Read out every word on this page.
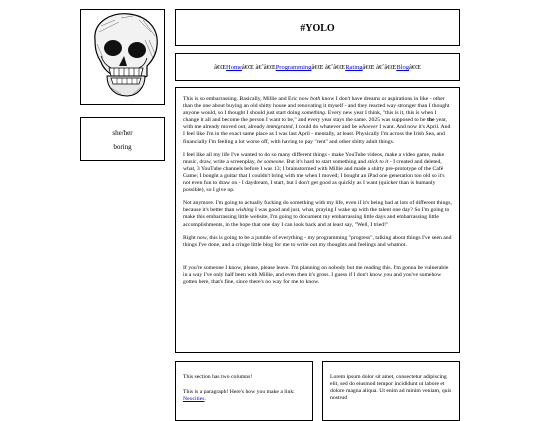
she/her
boring
#YOLO
â€ŒHomeâ€Œ ã€ˆâ€ŒProgrammingâ€Œ ã€ˆâ€ŒRatingâ€Œ ã€ˆâ€ŒBlogâ€Œ

This is so embarrassing. Basically, Millie and Eric now both know I don't have dreams or aspirations in like - other than the one about buying an old shitty house and renovating it myself - and they reacted way stronger than I thought anyone would, so I thought I should just start doing something. Every new year I think, "this is it, this is when I change it all and become the person I want to be," and every year stays the same. 2025 was supposed to be the year, with me already moved out, already immigrated, I could do whatever and be whoever I want. And now it's April. And I feel like I'm in the exact same place as I was last April - mentally, at least. Physically I'm across the Irish Sea, and financially I'm feeling a lot worse off, with having to pay "rent" and other shitty adult things.

I feel like all my life I've wanted to do so many different things - make YouTube videos, make a video game, make music, draw, write a screenplay, be someone. But it's hard to start something and stick to it - I created and deleted, what, 3 YouTube channels before I was 13; I brainstormed with Millie and made a shitty pre-prototype of the Café Game; I bought a guitar that I couldn't bring with me when I moved; I bought an iPad one generation too old so it's not even fun to draw on - I daydream, I start, but I don't get good as quickly as I want (quicker than is humanly possible), so I give up.

Not anymore. I'm going to actually fucking do something with my life, even if it's being bad at lots of different things, because it's better than wishing I was good and just, what, praying I wake up with the talent one day? So I'm going to make this embarrassing little website, I'm going to document my embarrassing little days and embarrassing little accomplishments, in the hope that one day I can look back and at least say, "Well, I tried!"

Right now, this is going to be a jumble of everything - my programming "progress", talking about things I've seen and things I've done, and a cringe little blog for me to write out my thoughts and feelings and whatnot.

If you're someone I know, please, please leave. I'm planning on nobody but me reading this. I'm gonna be vulnerable in a way I've only half been with Millie, and even then it's gross. I guess if I don't know you and you've somehow gotten here, that's fine, since there's no way for me to know.

This section has two columns!

This is a paragraph! Here's how you make a link: Neocities.

Lorem ipsum dolor sit amet, consectetur adipiscing elit, sed do eiusmod tempor incididunt ut labore et dolore magna aliqua. Ut enim ad minim veniam, quis nostrud
